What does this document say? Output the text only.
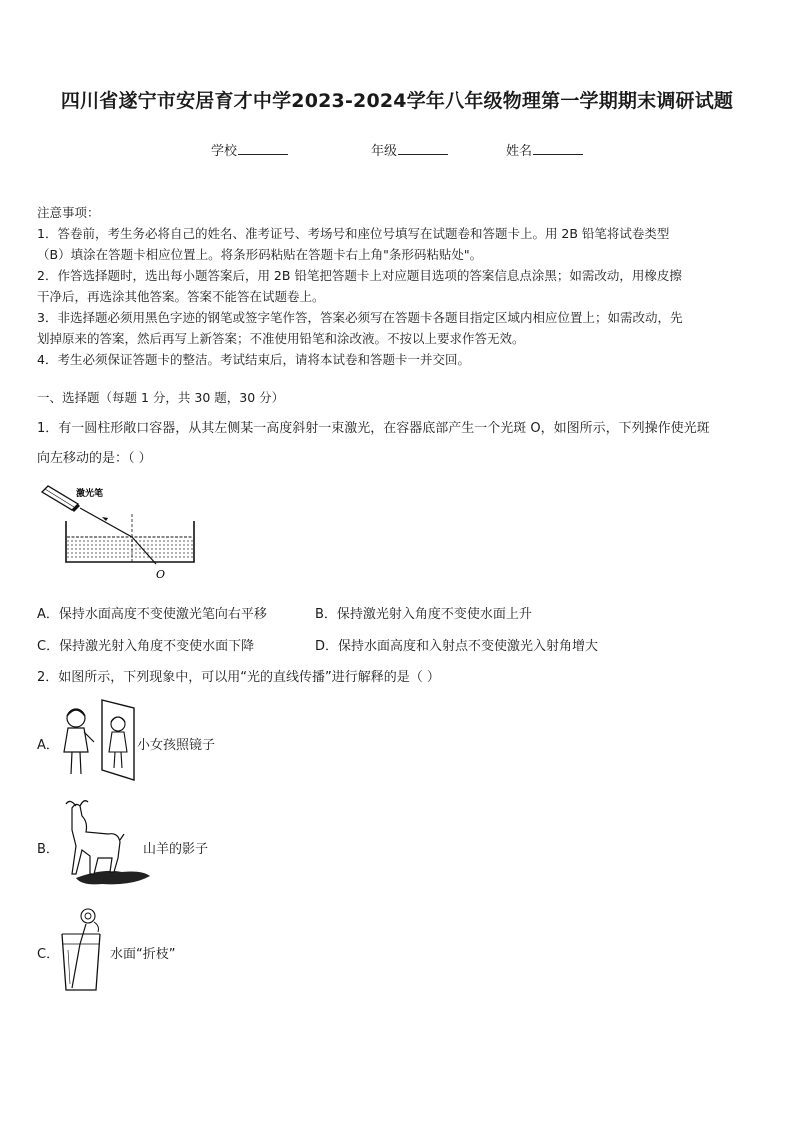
四川省遂宁市安居育才中学2023-2024学年八年级物理第一学期期末调研试题
学校	年级	姓名
注意事项：
1．答卷前，考生务必将自己的姓名、准考证号、考场号和座位号填写在试题卷和答题卡上。用 2B 铅笔将试卷类型
（B）填涂在答题卡相应位置上。将条形码粘贴在答题卡右上角"条形码粘贴处"。
2．作答选择题时，选出每小题答案后，用 2B 铅笔把答题卡上对应题目选项的答案信息点涂黑；如需改动，用橡皮擦
干净后，再选涂其他答案。答案不能答在试题卷上。
3．非选择题必须用黑色字迹的钢笔或签字笔作答，答案必须写在答题卡各题目指定区域内相应位置上；如需改动，先
划掉原来的答案，然后再写上新答案；不准使用铅笔和涂改液。不按以上要求作答无效。
4．考生必须保证答题卡的整洁。考试结束后，请将本试卷和答题卡一并交回。
一、选择题（每题 1 分，共 30 题，30 分）
1．有一圆柱形敞口容器，从其左侧某一高度斜射一束激光，在容器底部产生一个光斑 O，如图所示，下列操作使光斑
向左移动的是：（ ）
激光笔
O
A．保持水面高度不变使激光笔向右平移	B．保持激光射入角度不变使水面上升
C．保持激光射入角度不变使水面下降	D．保持水面高度和入射点不变使激光入射角增大
2．如图所示，下列现象中，可以用“光的直线传播”进行解释的是（ ）
A．	小女孩照镜子
B．	山羊的影子
C．	水面“折枝”
